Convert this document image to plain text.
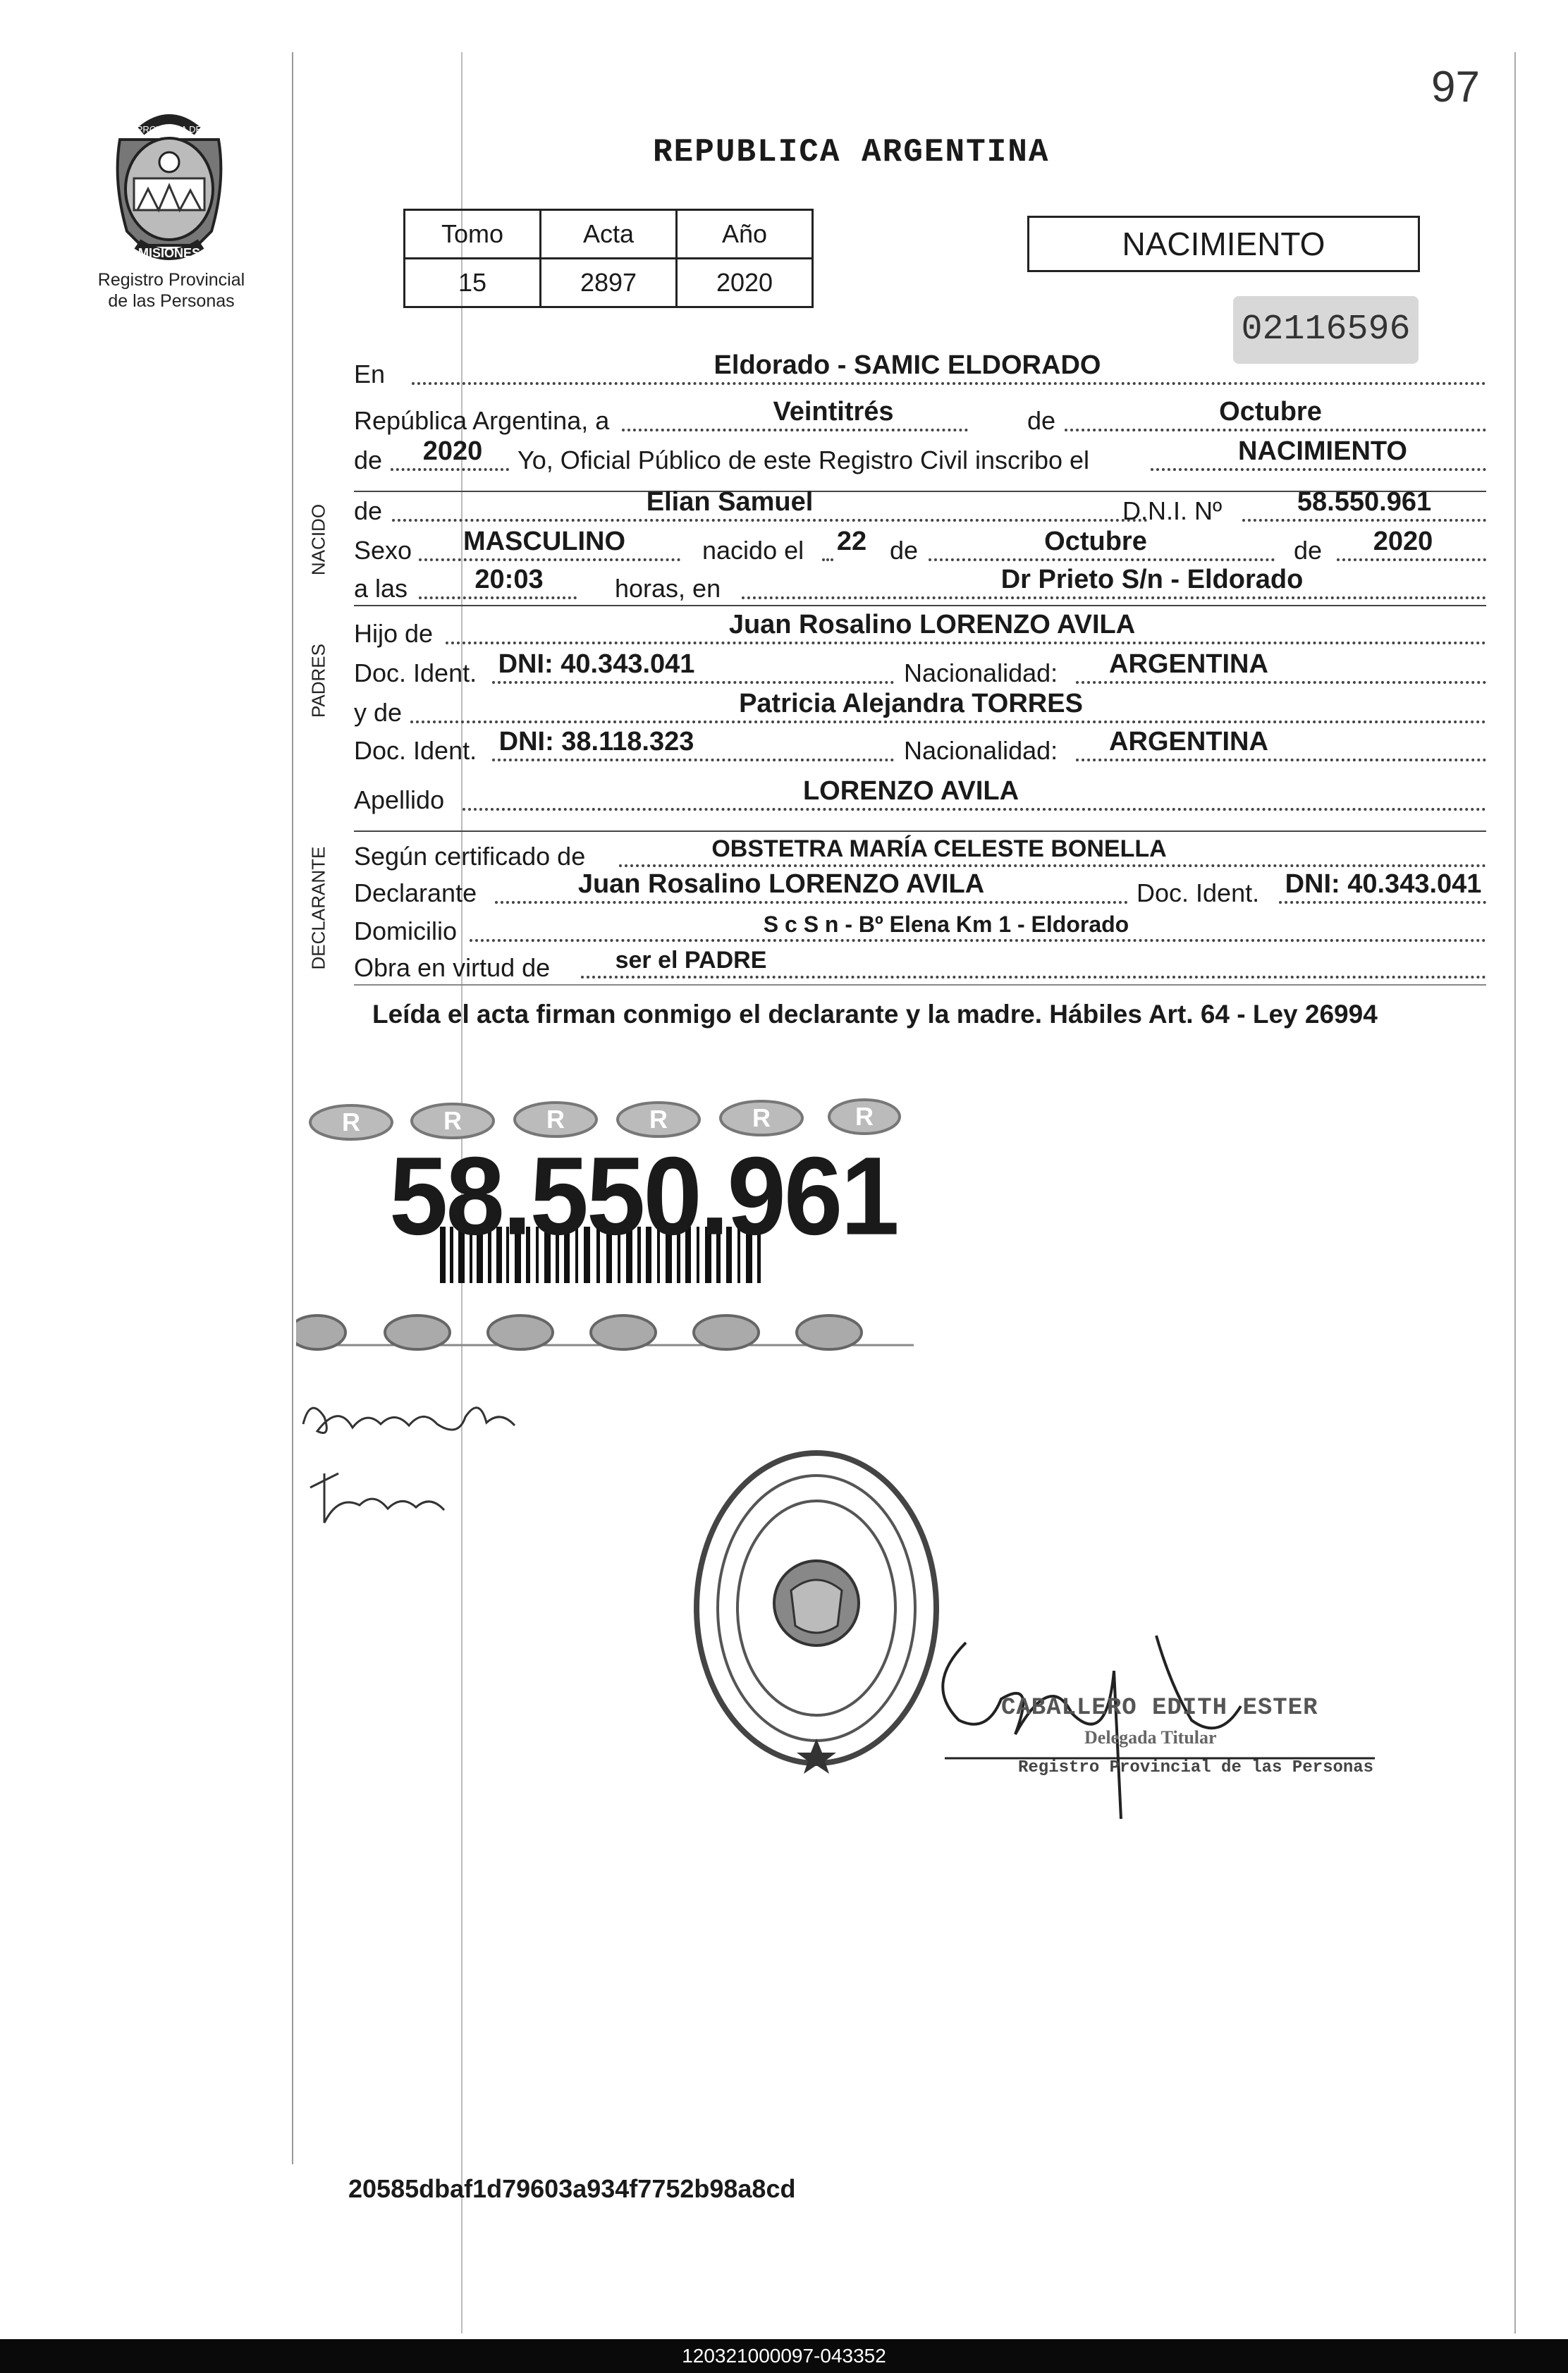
97
MISIONES
PROVINCIA DE
Registro Provincial
de las Personas
REPUBLICA ARGENTINA
Tomo	Acta	Año
15	2897	2020
NACIMIENTO
02116596
En	Eldorado - SAMIC ELDORADO
República Argentina, a	Veintitrés	de	Octubre
de 2020 Yo, Oficial Público de este Registro Civil inscribo el	NACIMIENTO
NACIDO de	Elian Samuel	D.N.I. Nº	58.550.961
Sexo MASCULINO	nacido el 22 de	Octubre	de 2020
a las	20:03	horas, en	Dr Prieto S/n - Eldorado
PADRES
Hijo de	Juan Rosalino LORENZO AVILA
Doc. Ident. DNI: 40.343.041	Nacionalidad: ARGENTINA
y de	Patricia Alejandra TORRES
Doc. Ident. DNI: 38.118.323	Nacionalidad: ARGENTINA
Apellido	LORENZO AVILA
DECLARANTE Según certificado de	OBSTETRA MARÍA CELESTE BONELLA
Declarante	Juan Rosalino LORENZO AVILA	Doc. Ident. DNI: 40.343.041
Domicilio	S c S n - Bº Elena Km 1 - Eldorado
Obra en virtud de	ser el PADRE
Leída el acta firman conmigo el declarante y la madre. Hábiles Art. 64 - Ley 26994
R	R	R	R	R	R
58.550.961
CABALLERO EDITH ESTER
Delegada Titular
Registro Provincial de las Personas
20585dbaf1d79603a934f7752b98a8cd
120321000097-043352
